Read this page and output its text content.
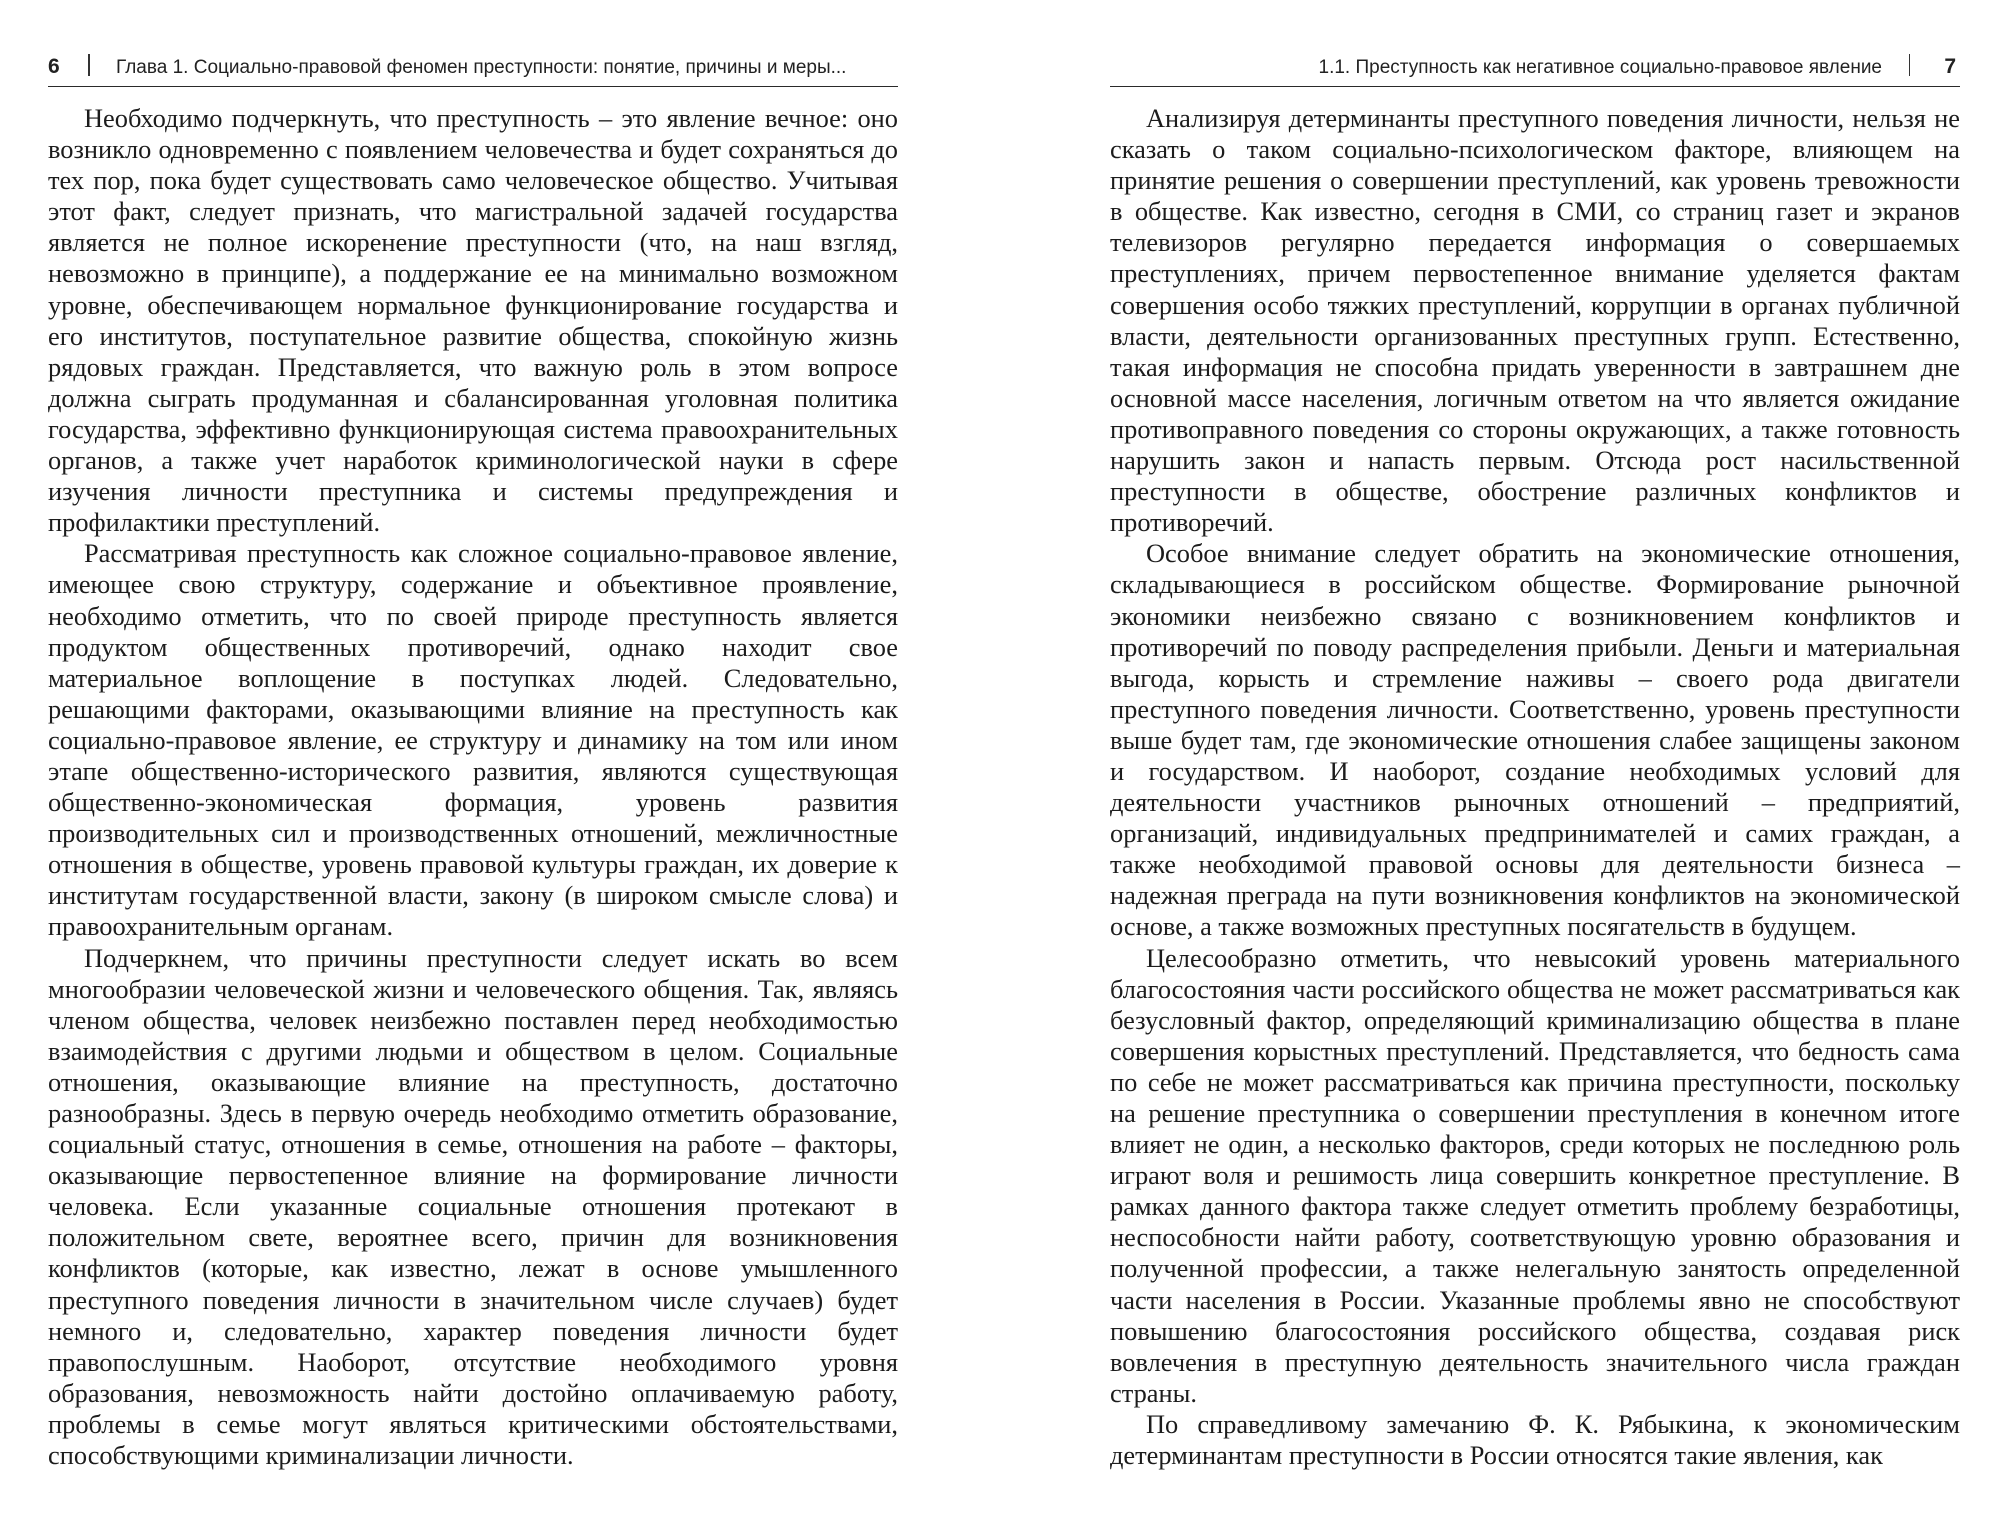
6	Глава 1. Социально-правовой феномен преступности: понятие, причины и меры...

Необходимо подчеркнуть, что преступность – это явление вечное: оно возникло одновременно с появлением человечества и будет сохраняться до тех пор, пока будет существовать само человеческое общество. Учитывая этот факт, следует признать, что магистральной задачей государства является не полное искоренение преступности (что, на наш взгляд, невозможно в принципе), а поддержание ее на минимально возможном уровне, обеспечивающем нормальное функционирование государства и его институтов, поступательное развитие общества, спокойную жизнь рядовых граждан. Представляется, что важную роль в этом вопросе должна сыграть продуманная и сбалансированная уголовная политика государства, эффективно функционирующая система правоохранительных органов, а также учет наработок криминологической науки в сфере изучения личности преступника и системы предупреждения и профилактики преступлений.

Рассматривая преступность как сложное социально-правовое явление, имеющее свою структуру, содержание и объективное проявление, необходимо отметить, что по своей природе преступность является продуктом общественных противоречий, однако находит свое материальное воплощение в поступках людей. Следовательно, решающими факторами, оказывающими влияние на преступность как социально-правовое явление, ее структуру и динамику на том или ином этапе общественно-исторического развития, являются существующая общественно-экономическая формация, уровень развития производительных сил и производственных отношений, межличностные отношения в обществе, уровень правовой культуры граждан, их доверие к институтам государственной власти, закону (в широком смысле слова) и правоохранительным органам.

Подчеркнем, что причины преступности следует искать во всем многообразии человеческой жизни и человеческого общения. Так, являясь членом общества, человек неизбежно поставлен перед необходимостью взаимодействия с другими людьми и обществом в целом. Социальные отношения, оказывающие влияние на преступность, достаточно разнообразны. Здесь в первую очередь необходимо отметить образование, социальный статус, отношения в семье, отношения на работе – факторы, оказывающие первостепенное влияние на формирование личности человека. Если указанные социальные отношения протекают в положительном свете, вероятнее всего, причин для возникновения конфликтов (которые, как известно, лежат в основе умышленного преступного поведения личности в значительном числе случаев) будет немного и, следовательно, характер поведения личности будет правопослушным. Наоборот, отсутствие необходимого уровня образования, невозможность найти достойно оплачиваемую работу, проблемы в семье могут являться критическими обстоятельствами, способствующими криминализации личности.

1.1. Преступность как негативное социально-правовое явление	7

Анализируя детерминанты преступного поведения личности, нельзя не сказать о таком социально-психологическом факторе, влияющем на принятие решения о совершении преступлений, как уровень тревожности в обществе. Как известно, сегодня в СМИ, со страниц газет и экранов телевизоров регулярно передается информация о совершаемых преступлениях, причем первостепенное внимание уделяется фактам совершения особо тяжких преступлений, коррупции в органах публичной власти, деятельности организованных преступных групп. Естественно, такая информация не способна придать уверенности в завтрашнем дне основной массе населения, логичным ответом на что является ожидание противоправного поведения со стороны окружающих, а также готовность нарушить закон и напасть первым. Отсюда рост насильственной преступности в обществе, обострение различных конфликтов и противоречий.

Особое внимание следует обратить на экономические отношения, складывающиеся в российском обществе. Формирование рыночной экономики неизбежно связано с возникновением конфликтов и противоречий по поводу распределения прибыли. Деньги и материальная выгода, корысть и стремление наживы – своего рода двигатели преступного поведения личности. Соответственно, уровень преступности выше будет там, где экономические отношения слабее защищены законом и государством. И наоборот, создание необходимых условий для деятельности участников рыночных отношений – предприятий, организаций, индивидуальных предпринимателей и самих граждан, а также необходимой правовой основы для деятельности бизнеса – надежная преграда на пути возникновения конфликтов на экономической основе, а также возможных преступных посягательств в будущем.

Целесообразно отметить, что невысокий уровень материального благосостояния части российского общества не может рассматриваться как безусловный фактор, определяющий криминализацию общества в плане совершения корыстных преступлений. Представляется, что бедность сама по себе не может рассматриваться как причина преступности, поскольку на решение преступника о совершении преступления в конечном итоге влияет не один, а несколько факторов, среди которых не последнюю роль играют воля и решимость лица совершить конкретное преступление. В рамках данного фактора также следует отметить проблему безработицы, неспособности найти работу, соответствующую уровню образования и полученной профессии, а также нелегальную занятость определенной части населения в России. Указанные проблемы явно не способствуют повышению благосостояния российского общества, создавая риск вовлечения в преступную деятельность значительного числа граждан страны.

По справедливому замечанию Ф. К. Рябыкина, к экономическим детерминантам преступности в России относятся такие явления, как
